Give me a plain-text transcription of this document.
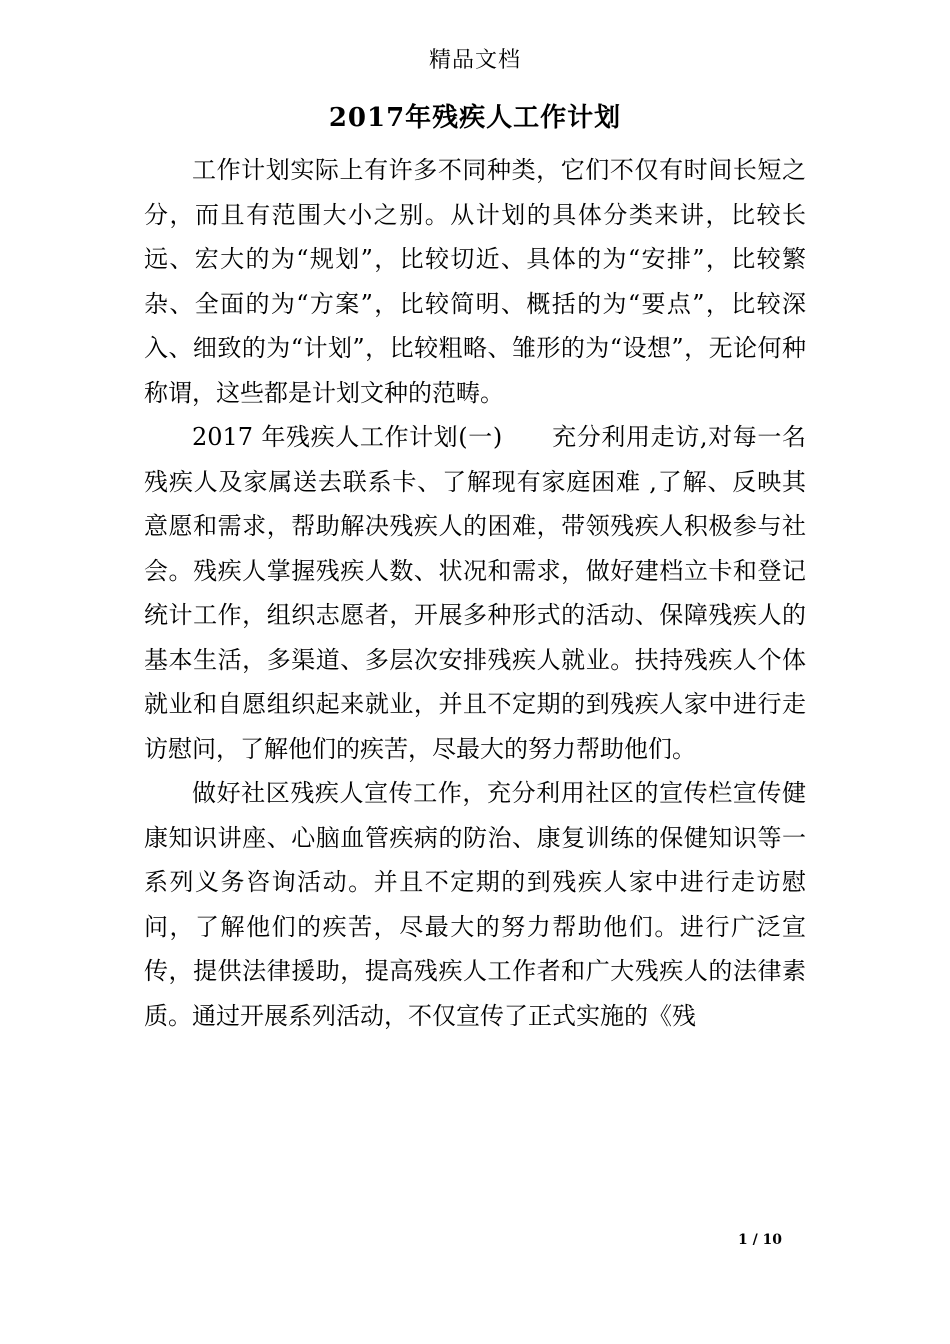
精品文档
2017年残疾人工作计划

工作计划实际上有许多不同种类，它们不仅有时间长短之分，而且有范围大小之别。从计划的具体分类来讲，比较长远、宏大的为“规划”，比较切近、具体的为“安排”，比较繁杂、全面的为“方案”，比较简明、概括的为“要点”，比较深入、细致的为“计划”，比较粗略、雏形的为“设想”，无论何种称谓，这些都是计划文种的范畴。

2017 年残疾人工作计划(一)　　充分利用走访,对每一名残疾人及家属送去联系卡、了解现有家庭困难 ,了解、反映其意愿和需求，帮助解决残疾人的困难，带领残疾人积极参与社会。残疾人掌握残疾人数、状况和需求，做好建档立卡和登记统计工作，组织志愿者，开展多种形式的活动、保障残疾人的基本生活，多渠道、多层次安排残疾人就业。扶持残疾人个体就业和自愿组织起来就业，并且不定期的到残疾人家中进行走访慰问，了解他们的疾苦，尽最大的努力帮助他们。

做好社区残疾人宣传工作，充分利用社区的宣传栏宣传健康知识讲座、心脑血管疾病的防治、康复训练的保健知识等一系列义务咨询活动。并且不定期的到残疾人家中进行走访慰问，了解他们的疾苦，尽最大的努力帮助他们。进行广泛宣传，提供法律援助，提高残疾人工作者和广大残疾人的法律素质。通过开展系列活动，不仅宣传了正式实施的《残

1 / 10
